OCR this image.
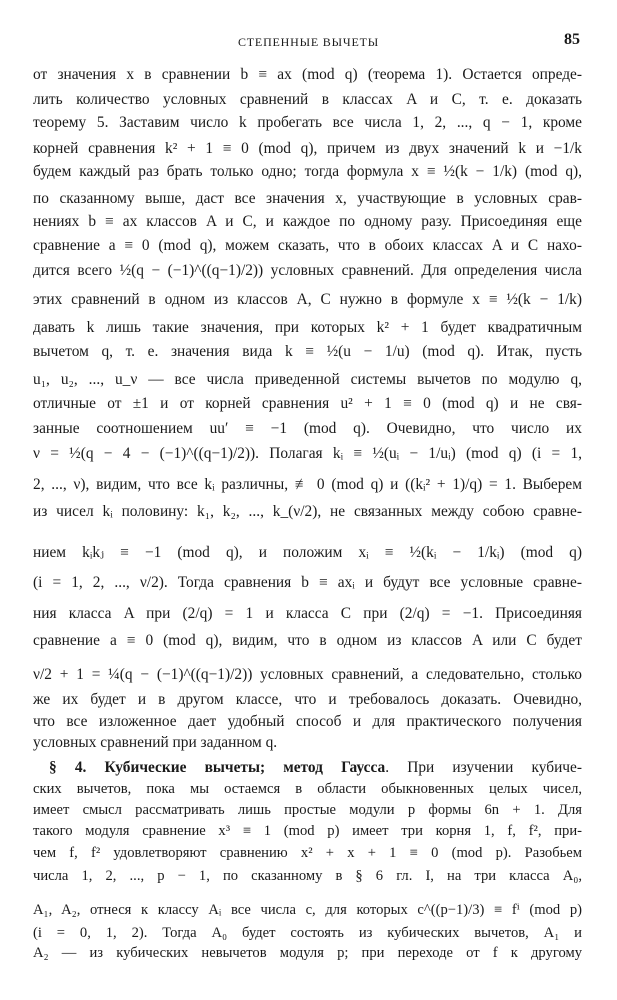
СТЕПЕННЫЕ ВЫЧЕТЫ	85
от значения x в сравнении b ≡ ax (mod q) (теорема 1). Остается опреде-
лить количество условных сравнений в классах A и C, т. е. доказать
теорему 5. Заставим число k пробегать все числа 1, 2, ..., q − 1, кроме
корней сравнения k² + 1 ≡ 0 (mod q), причем из двух значений k и −1/k
будем каждый раз брать только одно; тогда формула x ≡ ½(k − 1/k) (mod q),
по сказанному выше, даст все значения x, участвующие в условных срав-
нениях b ≡ ax классов A и C, и каждое по одному разу. Присоединяя еще
сравнение a ≡ 0 (mod q), можем сказать, что в обоих классах A и C нахо-
дится всего ½(q − (−1)^((q−1)/2)) условных сравнений. Для определения числа
этих сравнений в одном из классов A, C нужно в формуле x ≡ ½(k − 1/k)
давать k лишь такие значения, при которых k² + 1 будет квадратичным
вычетом q, т. е. значения вида k ≡ ½(u − 1/u) (mod q). Итак, пусть
u₁, u₂, ..., u_ν — все числа приведенной системы вычетов по модулю q,
отличные от ±1 и от корней сравнения u² + 1 ≡ 0 (mod q) и не свя-
занные соотношением uu′ ≡ −1 (mod q). Очевидно, что число их
ν = ½(q − 4 − (−1)^((q−1)/2)). Полагая kᵢ ≡ ½(uᵢ − 1/uᵢ) (mod q) (i = 1,
2, ..., ν), видим, что все kᵢ различны, ≢ 0 (mod q) и ((kᵢ² + 1)/q) = 1. Выберем
из чисел kᵢ половину: k₁, k₂, ..., k_(ν/2), не связанных между собою сравне-
нием kᵢkⱼ ≡ −1 (mod q), и положим xᵢ ≡ ½(kᵢ − 1/kᵢ) (mod q)
(i = 1, 2, ..., ν/2). Тогда сравнения b ≡ axᵢ и будут все условные сравне-
ния класса A при (2/q) = 1 и класса C при (2/q) = −1. Присоединяя
сравнение a ≡ 0 (mod q), видим, что в одном из классов A или C будет
ν/2 + 1 = ¼(q − (−1)^((q−1)/2)) условных сравнений, а следовательно, столько
же их будет и в другом классе, что и требовалось доказать. Очевидно,
что все изложенное дает удобный способ и для практического получения
условных сравнений при заданном q.
§ 4. Кубические вычеты; метод Гаусса. При изучении кубиче-
ских вычетов, пока мы остаемся в области обыкновенных целых чисел,
имеет смысл рассматривать лишь простые модули p формы 6n + 1. Для
такого модуля сравнение x³ ≡ 1 (mod p) имеет три корня 1, f, f², при-
чем f, f² удовлетворяют сравнению x² + x + 1 ≡ 0 (mod p). Разобьем
числа 1, 2, ..., p − 1, по сказанному в § 6 гл. I, на три класса A₀,
A₁, A₂, отнеся к классу Aᵢ все числа c, для которых c^((p−1)/3) ≡ fⁱ (mod p)
(i = 0, 1, 2). Тогда A₀ будет состоять из кубических вычетов, A₁ и
A₂ — из кубических невычетов модуля p; при переходе от f к другому
